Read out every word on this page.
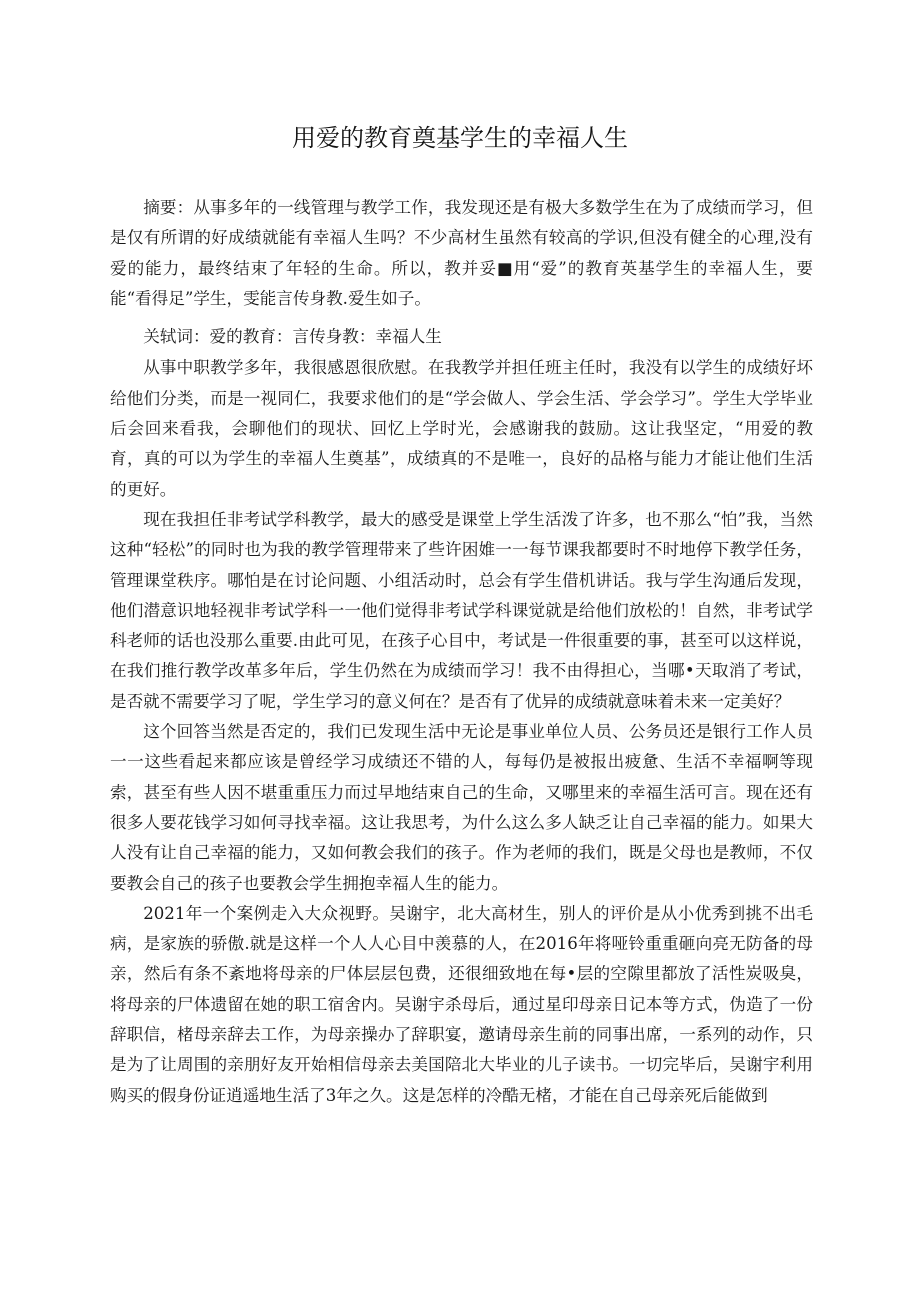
用爱的教育奠基学生的幸福人生

摘要：从事多年的一线管理与教学工作，我发现还是有极大多数学生在为了成绩而学习，但是仅有所谓的好成绩就能有幸福人生吗？不少高材生虽然有较高的学识,但没有健全的心理,没有爱的能力，最终结束了年轻的生命。所以，教并妥■用“爱”的教育英基学生的幸福人生，要能“看得足”学生，雯能言传身教.爱生如子。

关轼词：爱的教育：言传身教：幸福人生

从事中职教学多年，我很感恩很欣慰。在我教学并担任班主任时，我没有以学生的成绩好坏给他们分类，而是一视同仁，我要求他们的是“学会做人、学会生活、学会学习”。学生大学毕业后会回来看我，会聊他们的现状、回忆上学时光，会感谢我的鼓励。这让我坚定，“用爱的教育，真的可以为学生的幸福人生奠基”，成绩真的不是唯一，良好的品格与能力才能让他们生活的更好。

现在我担任非考试学科教学，最大的感受是课堂上学生活泼了许多，也不那么“怕”我，当然这种“轻松”的同时也为我的教学管理带来了些许困婎一一每节课我都要时不时地停下教学任务，管理课堂秩序。哪怕是在讨论问题、小组活动时，总会有学生借机讲话。我与学生沟通后发现，他们潜意识地轻视非考试学科一一他们觉得非考试学科课觉就是给他们放松的！自然，非考试学科老师的话也没那么重要.由此可见，在孩子心目中，考试是一件很重要的事，甚至可以这样说，在我们推行教学改革多年后，学生仍然在为成绩而学习！我不由得担心，当哪•天取消了考试，是否就不需要学习了呢，学生学习的意义何在？是否有了优异的成绩就意味着未来一定美好？

这个回答当然是否定的，我们已发现生活中无论是事业单位人员、公务员还是银行工作人员一一这些看起来都应该是曾经学习成绩还不错的人，每每仍是被报出疲惫、生活不幸福啊等现索，甚至有些人因不堪重重压力而过早地结束自己的生命，又哪里来的幸福生活可言。现在还有很多人要花钱学习如何寻找幸福。这让我思考，为什么这么多人缺乏让自己幸福的能力。如果大人没有让自己幸福的能力，又如何教会我们的孩子。作为老师的我们，既是父母也是教师，不仅要教会自己的孩子也要教会学生拥抱幸福人生的能力。

2021年一个案例走入大众视野。吴谢宇，北大高材生，别人的评价是从小优秀到挑不出毛病，是家族的骄傲.就是这样一个人人心目中羡慕的人，在2016年将哑铃重重砸向亮无防备的母亲，然后有条不紊地将母亲的尸体层层包费，还很细致地在每•层的空隙里都放了活性炭吸臭，将母亲的尸体遗留在她的职工宿舍内。吴谢宇杀母后，通过星印母亲日记本等方式，伪造了一份辞职信，楮母亲辞去工作，为母亲操办了辞职宴，邀请母亲生前的同事出席，一系列的动作，只是为了让周围的亲朋好友开始相信母亲去美国陪北大毕业的儿子读书。一切完毕后，吴谢宇利用购买的假身份证逍遥地生活了3年之久。这是怎样的冷酷无楮，才能在自己母亲死后能做到
